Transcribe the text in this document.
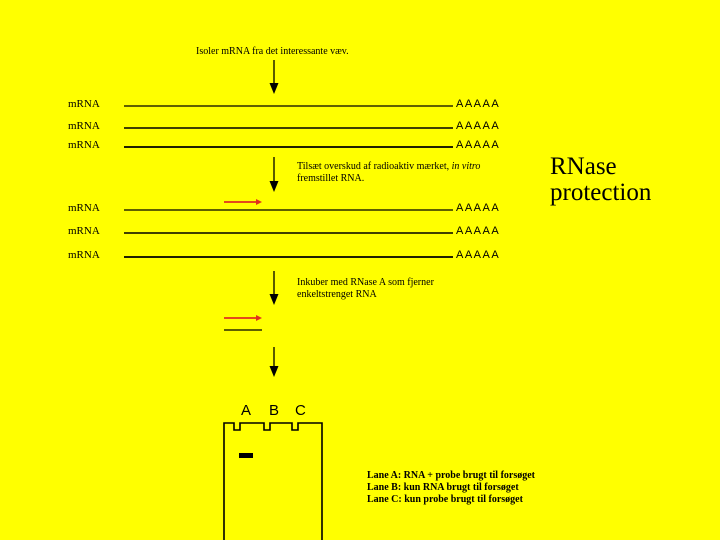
Isoler mRNA fra det interessante væv.
mRNA
mRNA
mRNA
AAAAA
AAAAA
AAAAA
Tilsæt overskud af radioaktiv mærket, in vitro
fremstillet RNA.	RNase
protection
mRNA
mRNA
mRNA
AAAAA
AAAAA
AAAAA
Inkuber med RNase A som fjerner
enkeltstrenget RNA
A B C
Lane A: RNA + probe brugt til forsøget
Lane B: kun RNA brugt til forsøget
Lane C: kun probe brugt til forsøget
